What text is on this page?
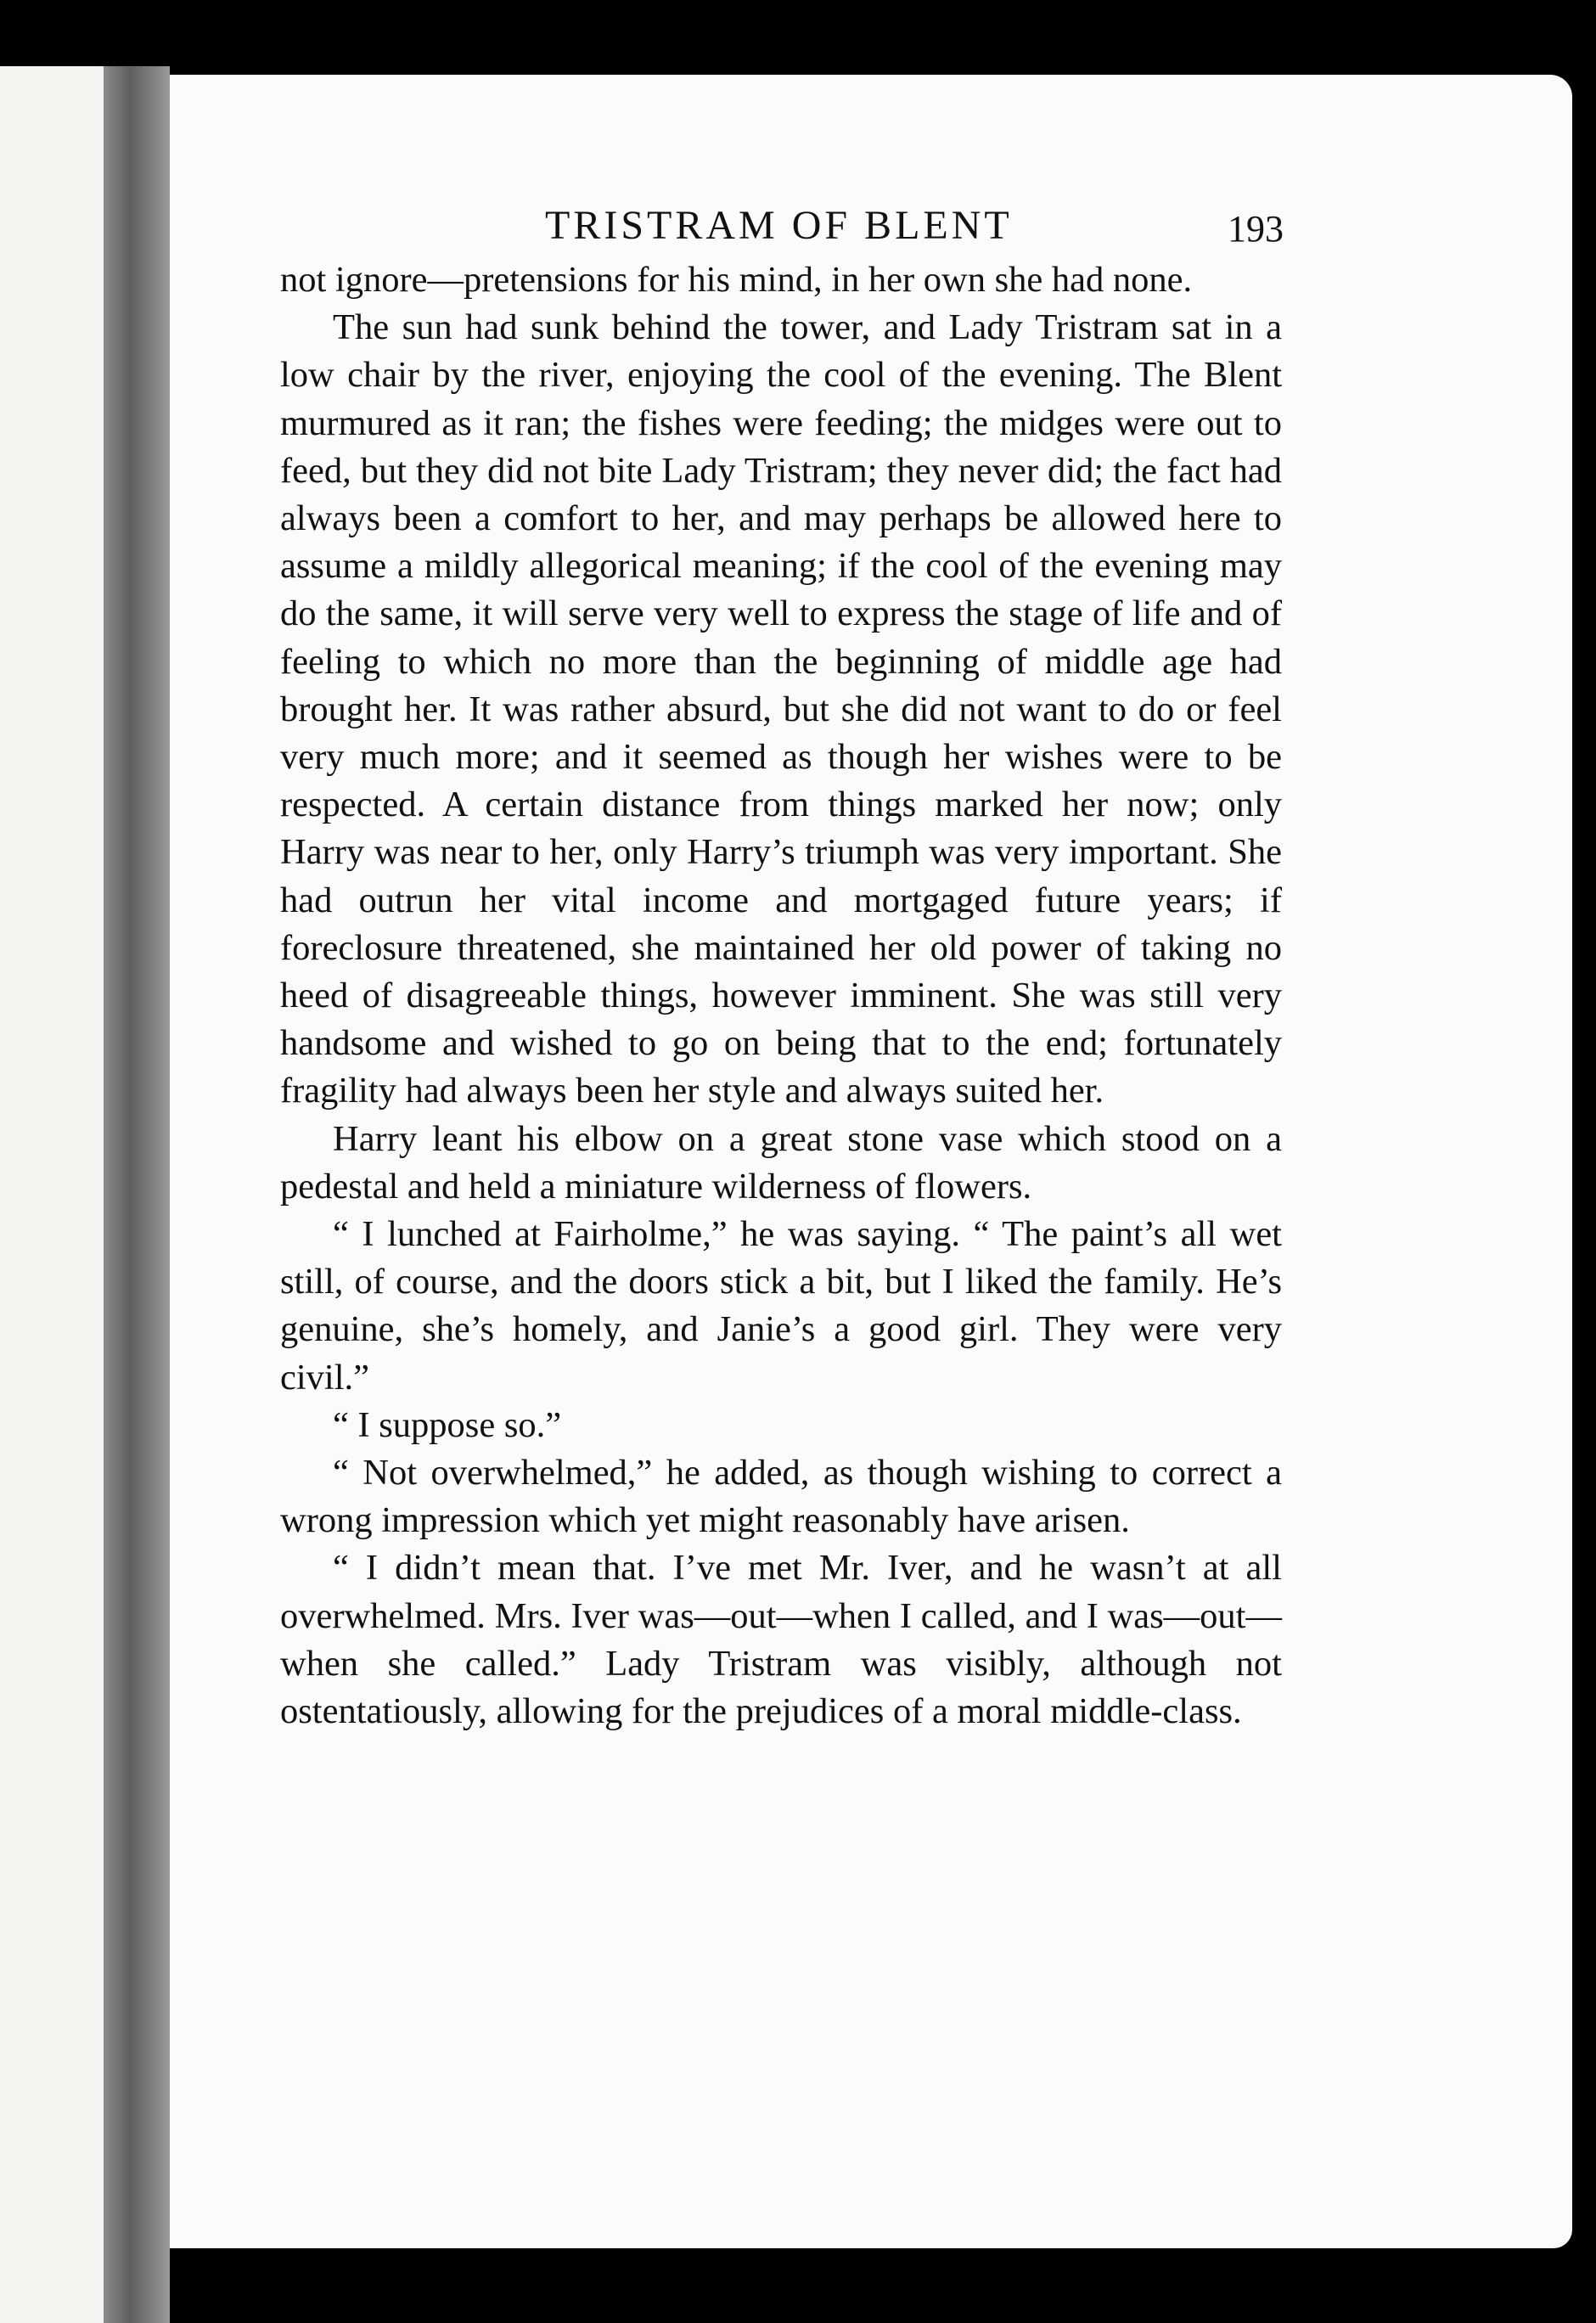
TRISTRAM OF BLENT	193

not ignore—pretensions for his mind, in her own she had none.

The sun had sunk behind the tower, and Lady Tristram sat in a low chair by the river, enjoying the cool of the evening. The Blent murmured as it ran; the fishes were feeding; the midges were out to feed, but they did not bite Lady Tristram; they never did; the fact had always been a comfort to her, and may perhaps be allowed here to assume a mildly allegorical meaning; if the cool of the evening may do the same, it will serve very well to express the stage of life and of feeling to which no more than the beginning of middle age had brought her. It was rather absurd, but she did not want to do or feel very much more; and it seemed as though her wishes were to be respected. A certain distance from things marked her now; only Harry was near to her, only Harry’s triumph was very important. She had outrun her vital income and mortgaged future years; if foreclosure threatened, she maintained her old power of taking no heed of disagreeable things, however imminent. She was still very handsome and wished to go on being that to the end; fortunately fragility had always been her style and always suited her.

Harry leant his elbow on a great stone vase which stood on a pedestal and held a miniature wilderness of flowers.

“ I lunched at Fairholme,” he was saying. “ The paint’s all wet still, of course, and the doors stick a bit, but I liked the family. He’s genuine, she’s homely, and Janie’s a good girl. They were very civil.”

“ I suppose so.”

“ Not overwhelmed,” he added, as though wishing to correct a wrong impression which yet might reasonably have arisen.

“ I didn’t mean that. I’ve met Mr. Iver, and he wasn’t at all overwhelmed. Mrs. Iver was—out—when I called, and I was—out—when she called.” Lady Tristram was visibly, although not ostentatiously, allowing for the prejudices of a moral middle-class.
